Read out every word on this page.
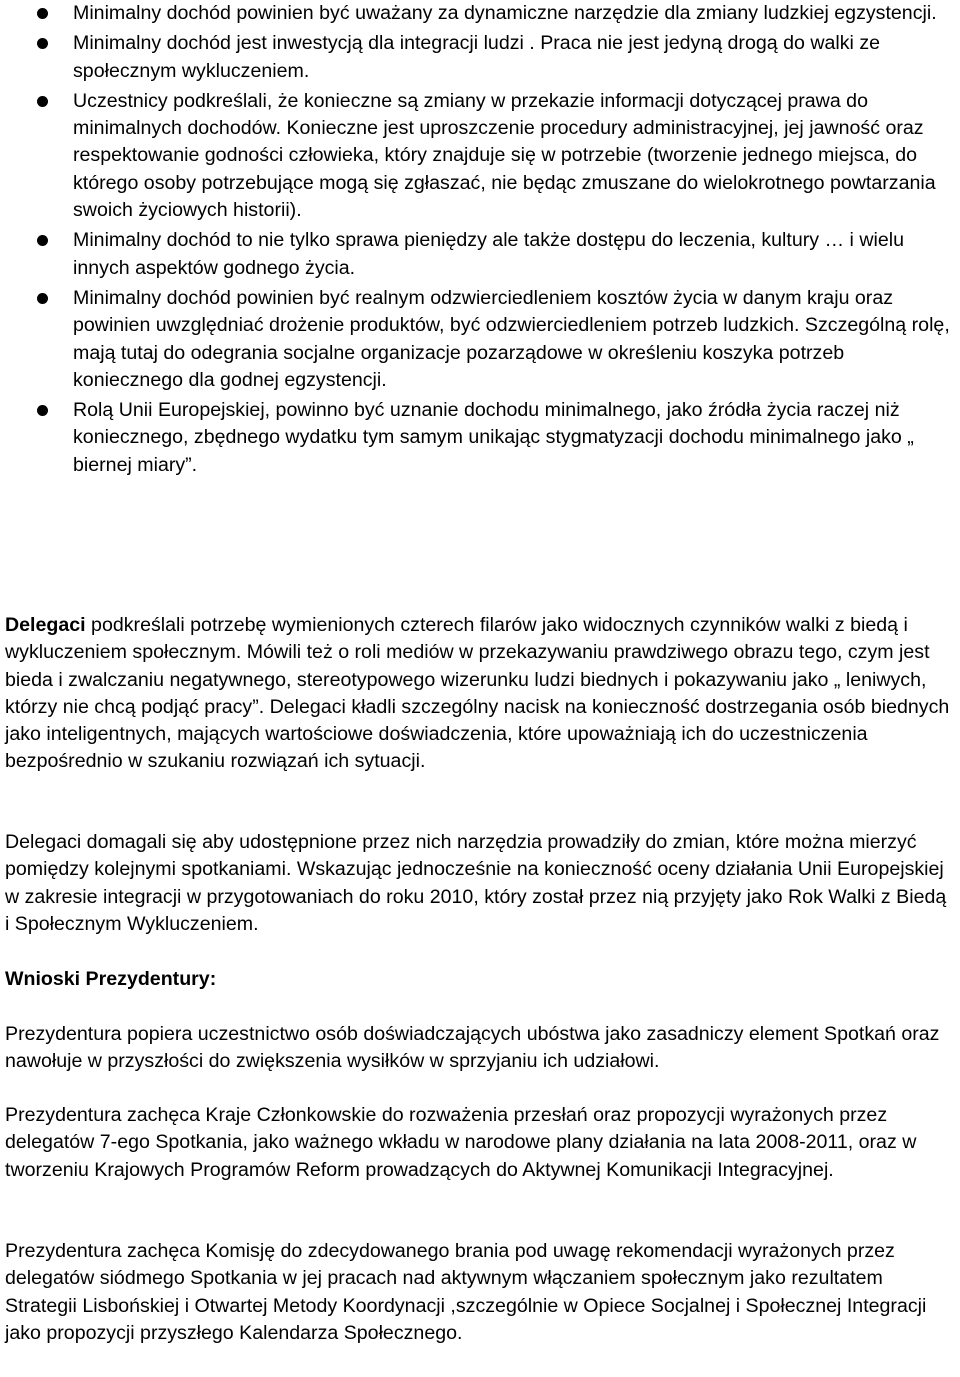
Minimalny dochód powinien być uważany za dynamiczne narzędzie dla zmiany ludzkiej egzystencji.
Minimalny dochód jest inwestycją dla integracji ludzi . Praca nie jest jedyną drogą do walki ze społecznym wykluczeniem.
Uczestnicy podkreślali, że konieczne są zmiany w przekazie informacji dotyczącej prawa do minimalnych dochodów. Konieczne jest uproszczenie procedury administracyjnej, jej jawność oraz respektowanie godności człowieka, który znajduje się w potrzebie (tworzenie jednego miejsca, do którego osoby potrzebujące mogą się zgłaszać, nie będąc zmuszane do wielokrotnego powtarzania swoich życiowych historii).
Minimalny dochód to nie tylko sprawa pieniędzy ale także dostępu do leczenia, kultury … i wielu innych aspektów godnego życia.
Minimalny dochód powinien być realnym odzwierciedleniem kosztów życia w danym kraju oraz powinien uwzględniać drożenie produktów, być odzwierciedleniem potrzeb ludzkich. Szczególną rolę, mają tutaj do odegrania socjalne organizacje pozarządowe w określeniu koszyka potrzeb koniecznego dla godnej egzystencji.
Rolą Unii Europejskiej, powinno być uznanie dochodu minimalnego, jako źródła życia raczej niż koniecznego, zbędnego wydatku tym samym unikając stygmatyzacji dochodu minimalnego jako „ biernej miary”.

Delegaci podkreślali potrzebę wymienionych czterech filarów jako widocznych czynników walki z biedą i wykluczeniem społecznym. Mówili też o roli mediów w przekazywaniu prawdziwego obrazu tego, czym jest bieda i zwalczaniu negatywnego, stereotypowego wizerunku ludzi biednych i pokazywaniu jako „ leniwych, którzy nie chcą podjąć pracy”. Delegaci kładli szczególny nacisk na konieczność dostrzegania osób biednych jako inteligentnych, mających wartościowe doświadczenia, które upoważniają ich do uczestniczenia bezpośrednio w szukaniu rozwiązań ich sytuacji.

Delegaci domagali się aby udostępnione przez nich narzędzia prowadziły do zmian, które można mierzyć pomiędzy kolejnymi spotkaniami. Wskazując jednocześnie na konieczność oceny działania Unii Europejskiej w zakresie integracji w przygotowaniach do roku 2010, który został przez nią przyjęty jako Rok Walki z Biedą i Społecznym Wykluczeniem.

Wnioski Prezydentury:

Prezydentura popiera uczestnictwo osób doświadczających ubóstwa jako zasadniczy element Spotkań oraz nawołuje w przyszłości do zwiększenia wysiłków w sprzyjaniu ich udziałowi.

Prezydentura zachęca Kraje Członkowskie do rozważenia przesłań oraz propozycji wyrażonych przez delegatów 7-ego Spotkania, jako ważnego wkładu w narodowe plany działania na lata 2008-2011, oraz w tworzeniu Krajowych Programów Reform prowadzących do Aktywnej Komunikacji Integracyjnej.

Prezydentura zachęca Komisję do zdecydowanego brania pod uwagę rekomendacji wyrażonych przez delegatów siódmego Spotkania w jej pracach nad aktywnym włączaniem społecznym jako rezultatem Strategii Lisbońskiej i Otwartej Metody Koordynacji ,szczególnie w Opiece Socjalnej i Społecznej Integracji jako propozycji przyszłego Kalendarza Społecznego.
